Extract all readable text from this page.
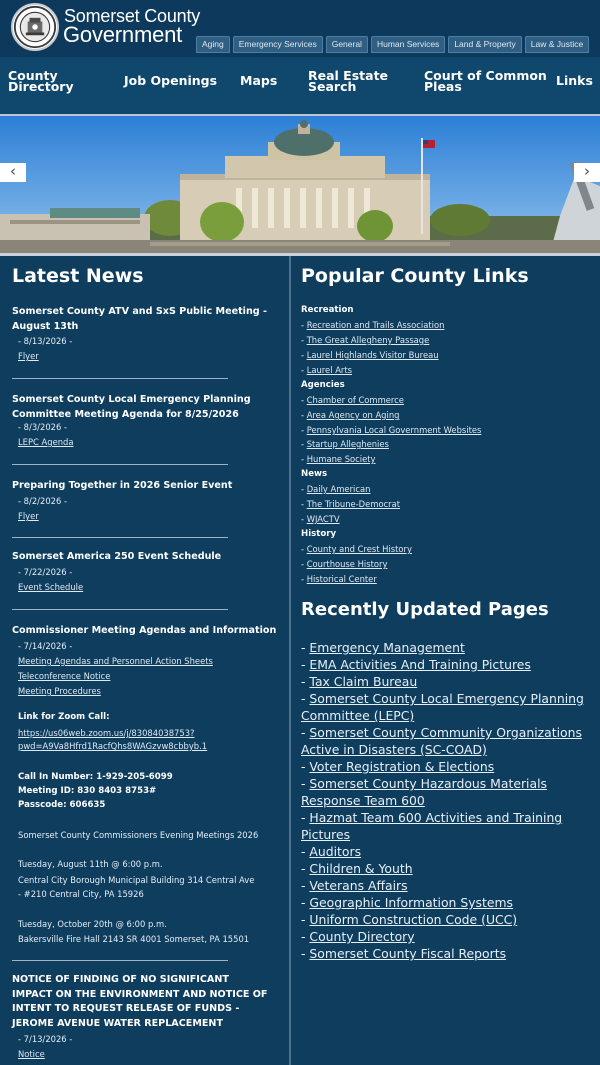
Somerset County
Government	Aging	Emergency Services	General	Human Services	Land & Property	Law & Justice
County
Directory	Job Openings Maps Real Estate
Search
Court of Common
Pleas	Links
‹	›
Latest News
Somerset County ATV and SxS Public Meeting -
August 13th
- 8/13/2026 -
Flyer
Somerset County Local Emergency Planning
Committee Meeting Agenda for 8/25/2026
- 8/3/2026 -
LEPC Agenda
Preparing Together in 2026 Senior Event
- 8/2/2026 -
Flyer
Somerset America 250 Event Schedule
- 7/22/2026 -
Event Schedule
Commissioner Meeting Agendas and Information
- 7/14/2026 -
Meeting Agendas and Personnel Action Sheets
Teleconference Notice
Meeting Procedures
Link for Zoom Call:
https://us06web.zoom.us/j/83084038753?
pwd=A9Va8Hfrd1RacfQhs8WAGzvw8cbbyb.1
Call In Number: 1-929-205-6099
Meeting ID: 830 8403 8753#
Passcode: 606635
Somerset County Commissioners Evening Meetings 2026
Tuesday, August 11th @ 6:00 p.m.
Central City Borough Municipal Building 314 Central Ave
- #210 Central City, PA 15926
Tuesday, October 20th @ 6:00 p.m.
Bakersville Fire Hall 2143 SR 4001 Somerset, PA 15501
NOTICE OF FINDING OF NO SIGNIFICANT
IMPACT ON THE ENVIRONMENT AND NOTICE OF
INTENT TO REQUEST RELEASE OF FUNDS -
JEROME AVENUE WATER REPLACEMENT
- 7/13/2026 -
Notice
Popular County Links
Recreation
- Recreation and Trails Association
- The Great Allegheny Passage
- Laurel Highlands Visitor Bureau
- Laurel Arts
Agencies
- Chamber of Commerce
- Area Agency on Aging
- Pennsylvania Local Government Websites
- Startup Alleghenies
- Humane Society
News
- Daily American
- The Tribune-Democrat
- WJACTV
History
- County and Crest History
- Courthouse History
- Historical Center
Recently Updated Pages
- Emergency Management
- EMA Activities And Training Pictures
- Tax Claim Bureau
- Somerset County Local Emergency Planning Committee (LEPC)
- Somerset County Community Organizations Active in Disasters (SC-COAD)
- Voter Registration & Elections
- Somerset County Hazardous Materials Response Team 600
- Hazmat Team 600 Activities and Training Pictures
- Auditors
- Children & Youth
- Veterans Affairs
- Geographic Information Systems
- Uniform Construction Code (UCC)
- County Directory
- Somerset County Fiscal Reports
